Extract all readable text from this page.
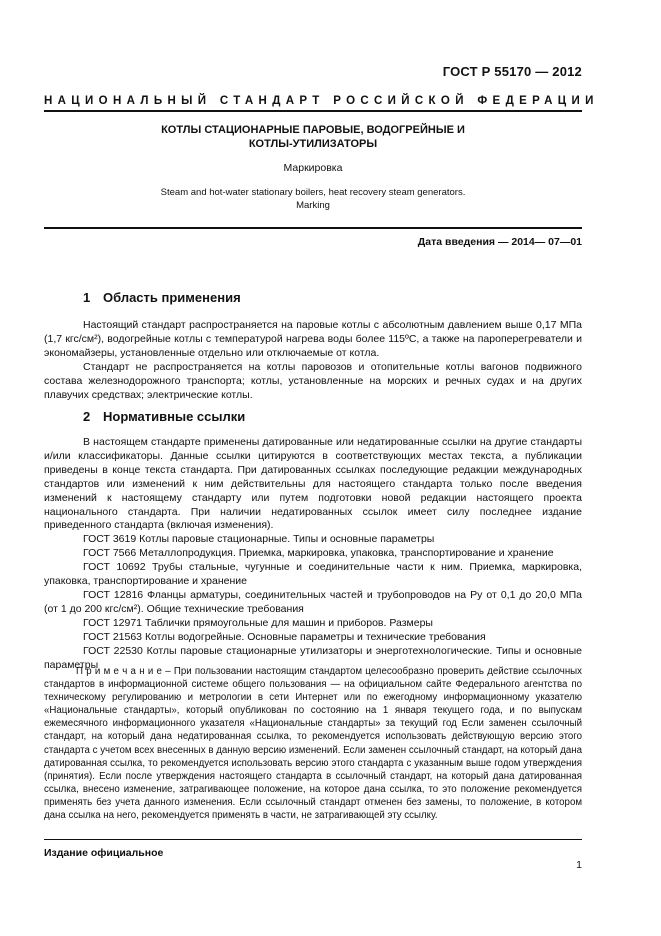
ГОСТ Р 55170 — 2012
НАЦИОНАЛЬНЫЙ СТАНДАРТ РОССИЙСКОЙ ФЕДЕРАЦИИ
КОТЛЫ СТАЦИОНАРНЫЕ ПАРОВЫЕ, ВОДОГРЕЙНЫЕ И
КОТЛЫ-УТИЛИЗАТОРЫ
Маркировка
Steam and hot-water stationary boilers, heat recovery steam generators.
Marking
Дата введения — 2014— 07—01
1 Область применения

Настоящий стандарт распространяется на паровые котлы с абсолютным давлением выше 0,17 МПа (1,7 кгс/см²), водогрейные котлы с температурой нагрева воды более 115ºС, а также на пароперегреватели и экономайзеры, установленные отдельно или отключаемые от котла.

Стандарт не распространяется на котлы паровозов и отопительные котлы вагонов подвижного состава железнодорожного транспорта; котлы, установленные на морских и речных судах и на других плавучих средствах; электрические котлы.

2 Нормативные ссылки

В настоящем стандарте применены датированные или недатированные ссылки на другие стандарты и/или классификаторы. Данные ссылки цитируются в соответствующих местах текста, а публикации приведены в конце текста стандарта. При датированных ссылках последующие редакции международных стандартов или изменений к ним действительны для настоящего стандарта только после введения изменений к настоящему стандарту или путем подготовки новой редакции настоящего проекта национального стандарта. При наличии недатированных ссылок имеет силу последнее издание приведенного стандарта (включая изменения).

ГОСТ 3619 Котлы паровые стационарные. Типы и основные параметры

ГОСТ 7566 Металлопродукция. Приемка, маркировка, упаковка, транспортирование и хранение

ГОСТ 10692 Трубы стальные, чугунные и соединительные части к ним. Приемка, маркировка, упаковка, транспортирование и хранение

ГОСТ 12816 Фланцы арматуры, соединительных частей и трубопроводов на Pу от 0,1 до 20,0 МПа (от 1 до 200 кгс/см²). Общие технические требования

ГОСТ 12971 Таблички прямоугольные для машин и приборов. Размеры

ГОСТ 21563 Котлы водогрейные. Основные параметры и технические требования

ГОСТ 22530 Котлы паровые стационарные утилизаторы и энерготехнологические. Типы и основные параметры

П р и м е ч а н и е – При пользовании настоящим стандартом целесообразно проверить действие ссылочных стандартов в информационной системе общего пользования — на официальном сайте Федерального агентства по техническому регулированию и метрологии в сети Интернет или по ежегодному информационному указателю «Национальные стандарты», который опубликован по состоянию на 1 января текущего года, и по выпускам ежемесячного информационного указателя «Национальные стандарты» за текущий год Если заменен ссылочный стандарт, на который дана недатированная ссылка, то рекомендуется использовать действующую версию этого стандарта с учетом всех внесенных в данную версию изменений. Если заменен ссылочный стандарт, на который дана датированная ссылка, то рекомендуется использовать версию этого стандарта с указанным выше годом утверждения (принятия). Если после утверждения настоящего стандарта в ссылочный стандарт, на который дана датированная ссылка, внесено изменение, затрагивающее положение, на которое дана ссылка, то это положение рекомендуется применять без учета данного изменения. Если ссылочный стандарт отменен без замены, то положение, в котором дана ссылка на него, рекомендуется применять в части, не затрагивающей эту ссылку.

Издание официальное
1
